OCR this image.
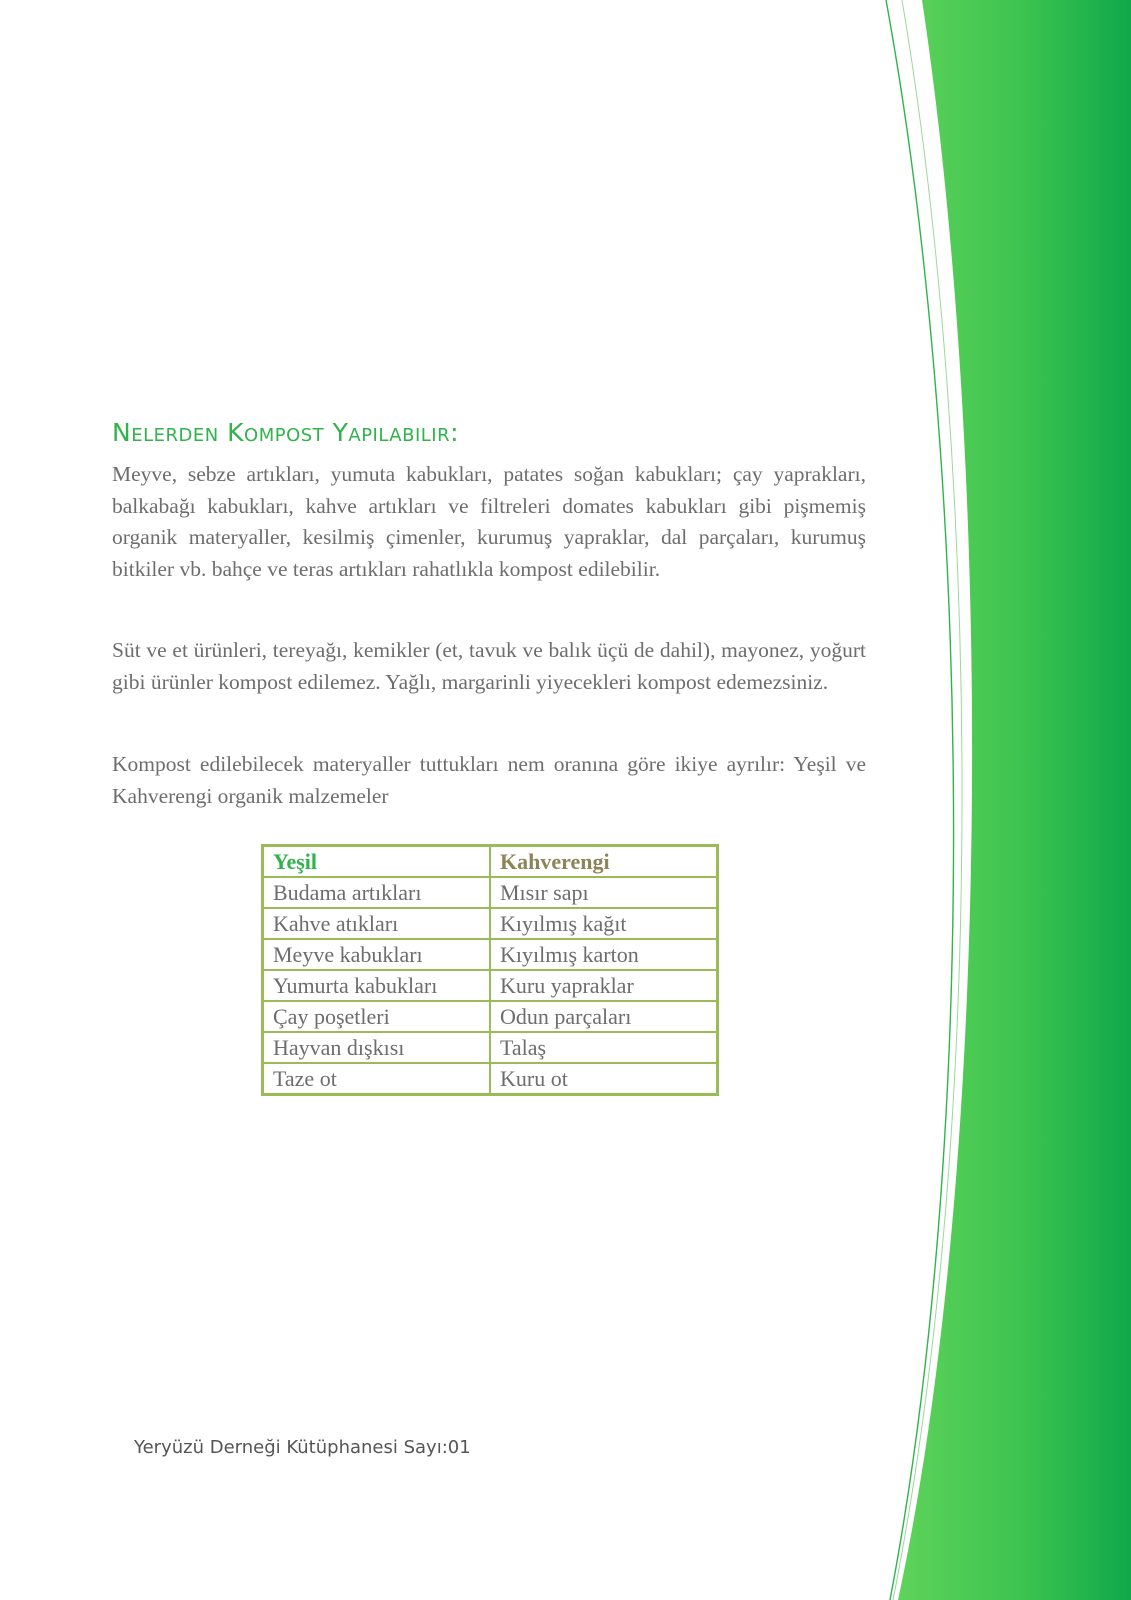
Nelerden Kompost Yapılabilir:

Meyve, sebze artıkları, yumuta kabukları, patates soğan kabukları; çay yaprakları, balkabağı kabukları, kahve artıkları ve filtreleri domates kabukları gibi pişmemiş organik materyaller, kesilmiş çimenler, kurumuş yapraklar, dal parçaları, kurumuş bitkiler vb. bahçe ve teras artıkları rahatlıkla kompost edilebilir.

Süt ve et ürünleri, tereyağı, kemikler (et, tavuk ve balık üçü de dahil), mayonez, yoğurt gibi ürünler kompost edilemez. Yağlı, margarinli yiyecekleri kompost edemezsiniz.

Kompost edilebilecek materyaller tuttukları nem oranına göre ikiye ayrılır: Yeşil ve Kahverengi organik malzemeler

Yeşil	Kahverengi
Budama artıkları	Mısır sapı
Kahve atıkları	Kıyılmış kağıt
Meyve kabukları	Kıyılmış karton
Yumurta kabukları	Kuru yapraklar
Çay poşetleri	Odun parçaları
Hayvan dışkısı	Talaş
Taze ot	Kuru ot

Yeryüzü Derneği Kütüphanesi Sayı:01
